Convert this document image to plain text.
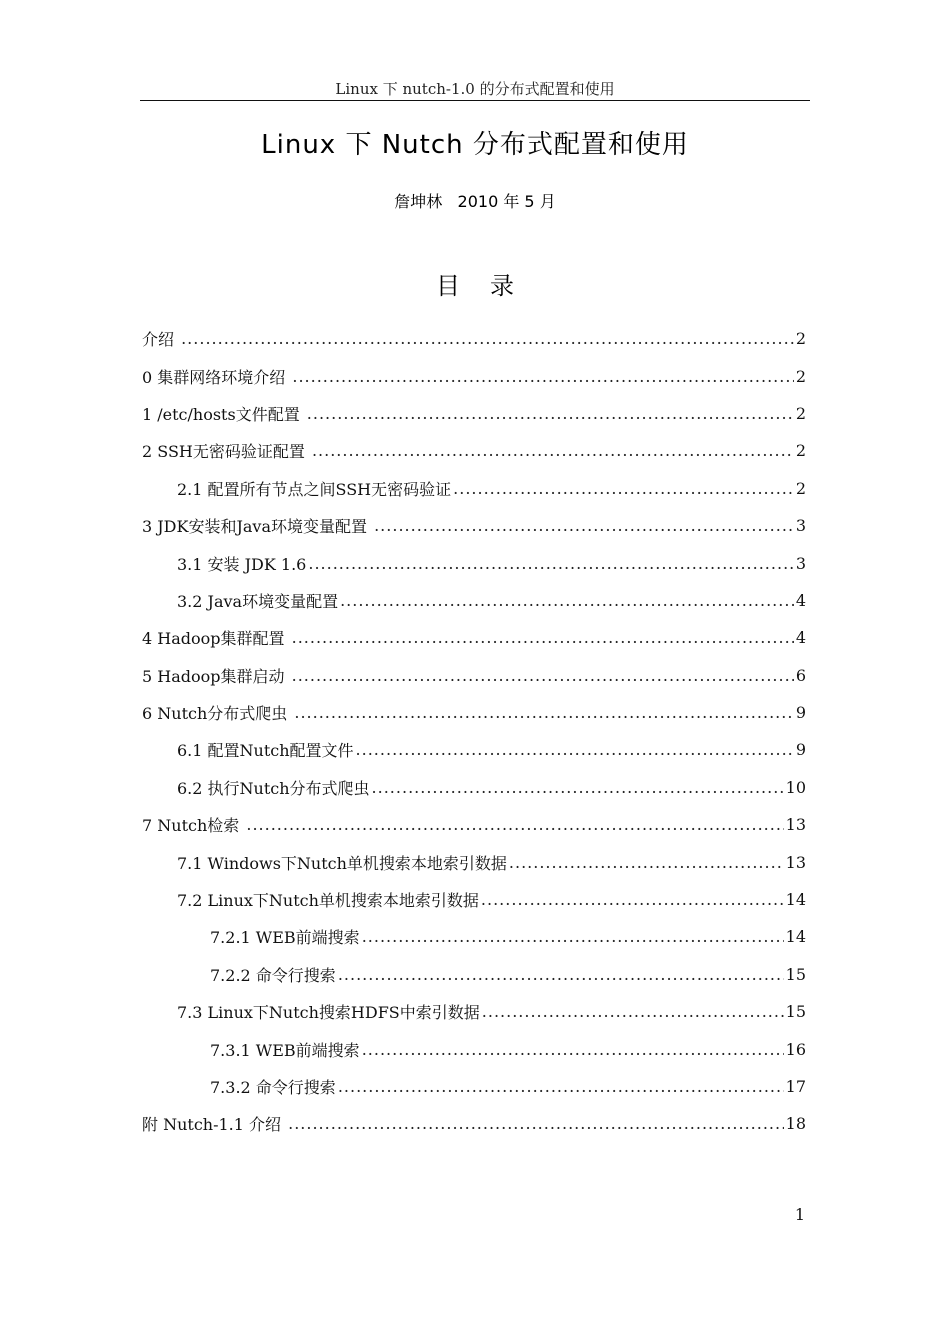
Linux 下 nutch-1.0 的分布式配置和使用
Linux 下 Nutch 分布式配置和使用
詹坤林   2010 年 5 月
目录
介绍 .....	2
0 集群网络环境介绍 .....	2
1 /etc/hosts文件配置 .....	2
2 SSH无密码验证配置 .....	2
2.1 配置所有节点之间SSH无密码验证 .....	2
3 JDK安装和Java环境变量配置 .....	3
3.1 安装 JDK 1.6 .....	3
3.2 Java环境变量配置 .....	4
4 Hadoop集群配置 .....	4
5 Hadoop集群启动 .....	6
6 Nutch分布式爬虫 .....	9
6.1 配置Nutch配置文件 .....	9
6.2 执行Nutch分布式爬虫 .....	10
7 Nutch检索 .....	13
7.1 Windows下Nutch单机搜索本地索引数据 .....	13
7.2 Linux下Nutch单机搜索本地索引数据 .....	14
7.2.1 WEB前端搜索 .....	14
7.2.2 命令行搜索 .....	15
7.3 Linux下Nutch搜索HDFS中索引数据 .....	15
7.3.1 WEB前端搜索 .....	16
7.3.2 命令行搜索 .....	17
附 Nutch-1.1 介绍 .....	18
1
